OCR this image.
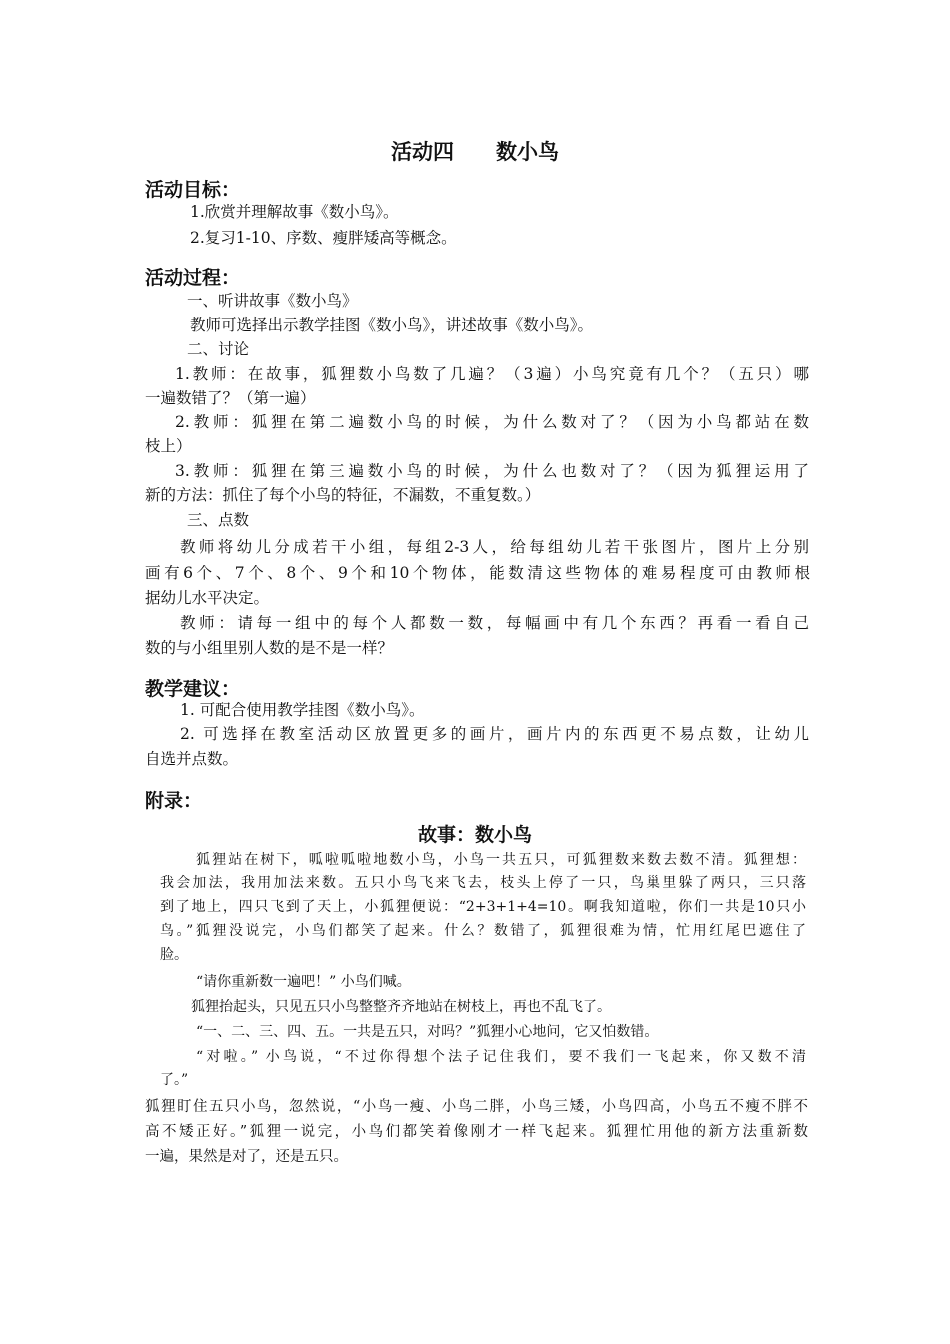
活动四　　数小鸟
活动目标：
1.欣赏并理解故事《数小鸟》。
2.复习1-10、序数、瘦胖矮高等概念。
活动过程：
一、听讲故事《数小鸟》
教师可选择出示教学挂图《数小鸟》，讲述故事《数小鸟》。
二、讨论
1.教师：在故事，狐狸数小鸟数了几遍？（3遍）小鸟究竟有几个？（五只）哪
一遍数错了？（第一遍）
2.教师：狐狸在第二遍数小鸟的时候，为什么数对了？（因为小鸟都站在数
枝上）
3.教师：狐狸在第三遍数小鸟的时候，为什么也数对了？（因为狐狸运用了
新的方法：抓住了每个小鸟的特征，不漏数，不重复数。）
三、点数
教师将幼儿分成若干小组，每组2-3人，给每组幼儿若干张图片，图片上分别
画有6个、7个、8个、9个和10个物体，能数清这些物体的难易程度可由教师根
据幼儿水平决定。
教师：请每一组中的每个人都数一数，每幅画中有几个东西？再看一看自己
数的与小组里别人数的是不是一样？
教学建议：
1. 可配合使用教学挂图《数小鸟》。
2. 可选择在教室活动区放置更多的画片，画片内的东西更不易点数，让幼儿
自选并点数。
附录：
故事：数小鸟
狐狸站在树下，呱啦呱啦地数小鸟，小鸟一共五只，可狐狸数来数去数不清。狐狸想：
我会加法，我用加法来数。五只小鸟飞来飞去，枝头上停了一只，鸟巢里躲了两只，三只落
到了地上，四只飞到了天上，小狐狸便说：“2+3+1+4=10。啊我知道啦，你们一共是10只小
鸟。”狐狸没说完，小鸟们都笑了起来。什么？数错了，狐狸很难为情，忙用红尾巴遮住了
脸。
“请你重新数一遍吧！” 小鸟们喊。
狐狸抬起头，只见五只小鸟整整齐齐地站在树枝上，再也不乱飞了。
“一、二、三、四、五。一共是五只，对吗？”狐狸小心地问，它又怕数错。
“对啦。” 小鸟说，“不过你得想个法子记住我们，要不我们一飞起来，你又数不清
了。”
狐狸盯住五只小鸟，忽然说，“小鸟一瘦、小鸟二胖，小鸟三矮，小鸟四高，小鸟五不瘦不胖不
高不矮正好。”狐狸一说完，小鸟们都笑着像刚才一样飞起来。狐狸忙用他的新方法重新数
一遍，果然是对了，还是五只。
